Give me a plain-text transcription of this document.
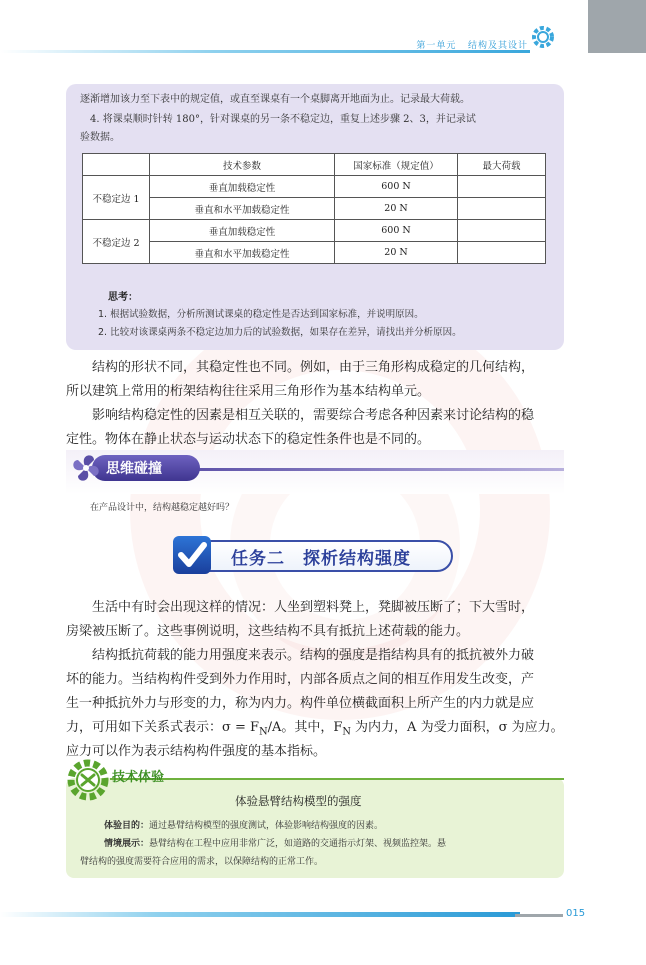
第一单元 结构及其设计
逐渐增加该力至下表中的规定值，或直至课桌有一个桌脚离开地面为止。记录最大荷载。
4. 将课桌顺时针转 180°，针对课桌的另一条不稳定边，重复上述步骤 2、3，并记录试
验数据。
	技术参数	国家标准（规定值）	最大荷载
不稳定边 1	垂直加载稳定性	600 N	
	垂直和水平加载稳定性	20 N	
不稳定边 2	垂直加载稳定性	600 N	
	垂直和水平加载稳定性	20 N	
思考：
1. 根据试验数据，分析所测试课桌的稳定性是否达到国家标准，并说明原因。
2. 比较对该课桌两条不稳定边加力后的试验数据，如果存在差异，请找出并分析原因。
结构的形状不同，其稳定性也不同。例如，由于三角形构成稳定的几何结构，
所以建筑上常用的桁架结构往往采用三角形作为基本结构单元。
影响结构稳定性的因素是相互关联的，需要综合考虑各种因素来讨论结构的稳
定性。物体在静止状态与运动状态下的稳定性条件也是不同的。
思维碰撞
在产品设计中，结构越稳定越好吗？
任务二　探析结构强度
生活中有时会出现这样的情况：人坐到塑料凳上，凳脚被压断了；下大雪时，
房梁被压断了。这些事例说明，这些结构不具有抵抗上述荷载的能力。
结构抵抗荷载的能力用强度来表示。结构的强度是指结构具有的抵抗被外力破
坏的能力。当结构构件受到外力作用时，内部各质点之间的相互作用发生改变，产
生一种抵抗外力与形变的力，称为内力。构件单位横截面积上所产生的内力就是应
力，可用如下关系式表示：$\sigma = F_N/A$。其中，$F_N$ 为内力，A 为受力面积，σ 为应力。
应力可以作为表示结构构件强度的基本指标。
技术体验
体验悬臂结构模型的强度
体验目的：通过悬臂结构模型的强度测试，体验影响结构强度的因素。
情境展示：悬臂结构在工程中应用非常广泛，如道路的交通指示灯架、视频监控架。悬
臂结构的强度需要符合应用的需求，以保障结构的正常工作。
015
